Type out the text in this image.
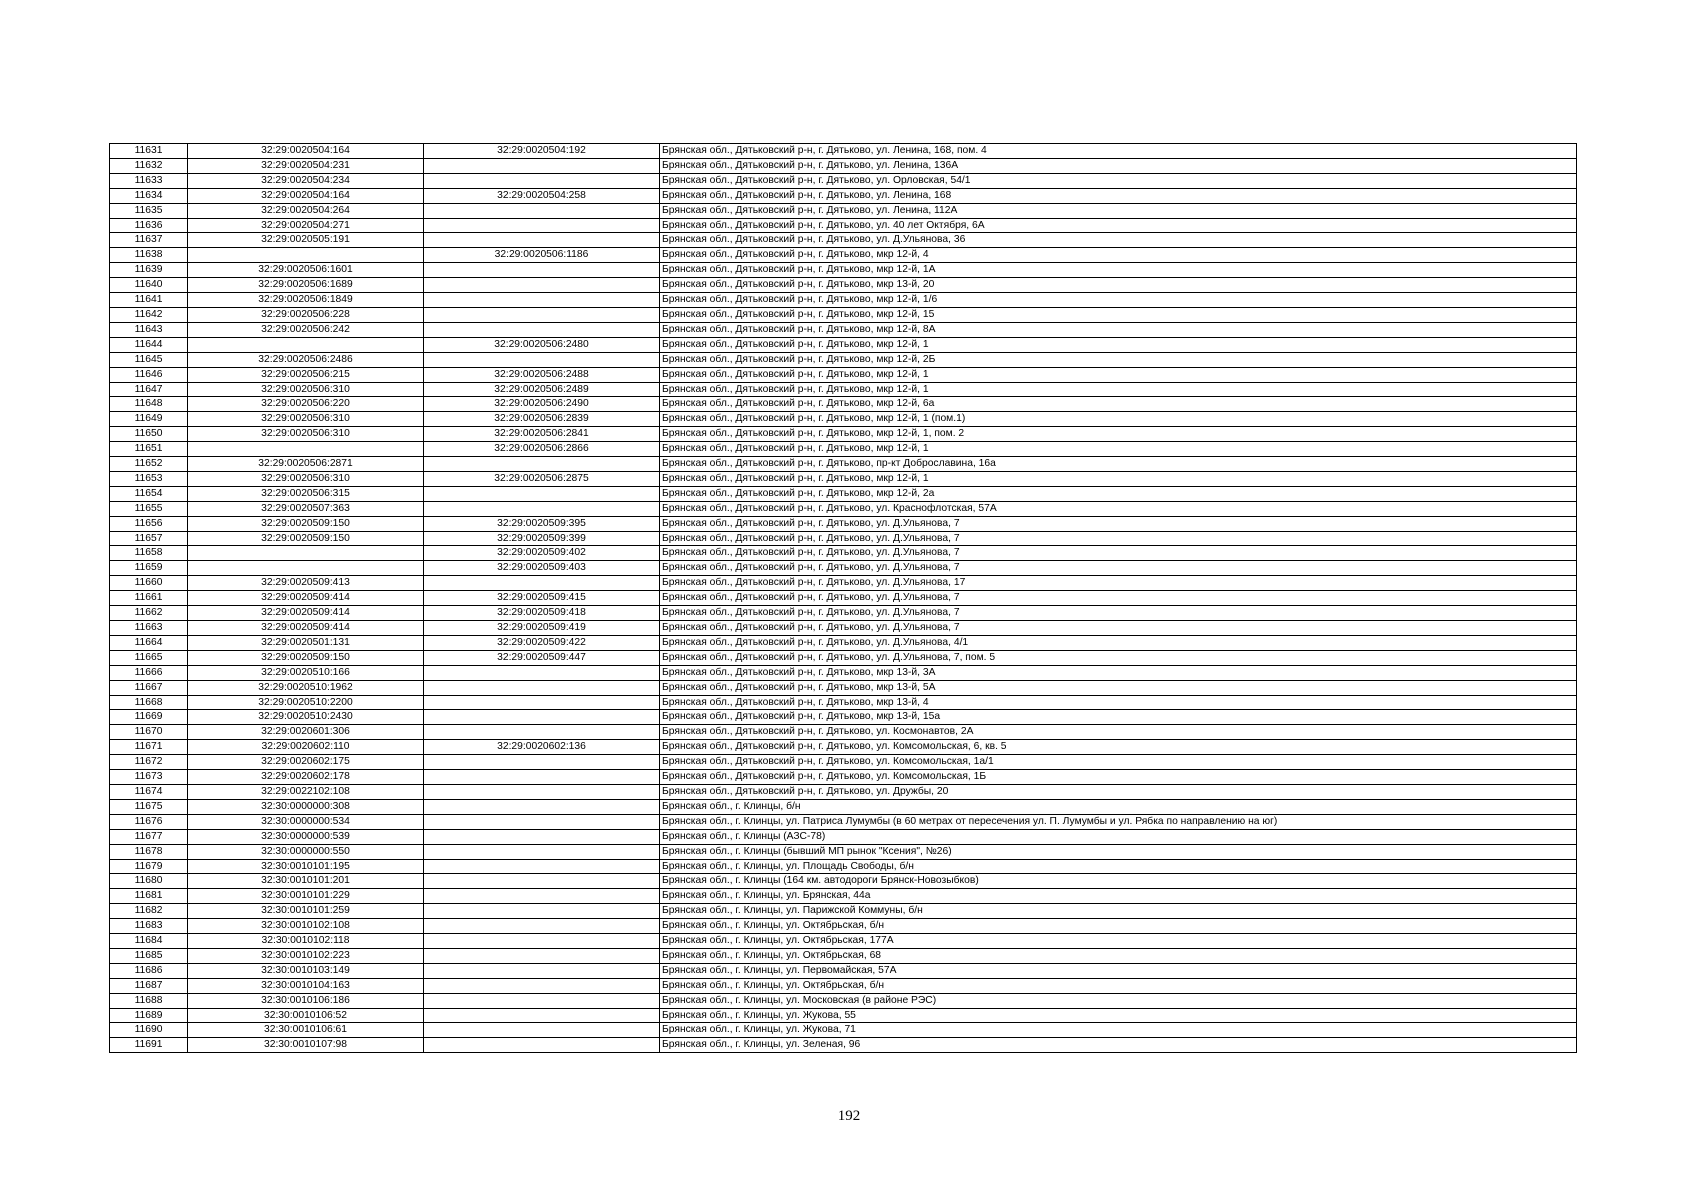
11631	32:29:0020504:164	32:29:0020504:192	Брянская обл., Дятьковский р-н, г. Дятьково, ул. Ленина, 168, пом. 4
11632	32:29:0020504:231		Брянская обл., Дятьковский р-н, г. Дятьково, ул. Ленина, 136А
11633	32:29:0020504:234		Брянская обл., Дятьковский р-н, г. Дятьково, ул. Орловская, 54/1
11634	32:29:0020504:164	32:29:0020504:258	Брянская обл., Дятьковский р-н, г. Дятьково, ул. Ленина, 168
11635	32:29:0020504:264		Брянская обл., Дятьковский р-н, г. Дятьково, ул. Ленина, 112А
11636	32:29:0020504:271		Брянская обл., Дятьковский р-н, г. Дятьково, ул. 40 лет Октября, 6А
11637	32:29:0020505:191		Брянская обл., Дятьковский р-н, г. Дятьково, ул. Д.Ульянова, 36
11638		32:29:0020506:1186	Брянская обл., Дятьковский р-н, г. Дятьково, мкр 12-й, 4
11639	32:29:0020506:1601		Брянская обл., Дятьковский р-н, г. Дятьково, мкр 12-й, 1А
11640	32:29:0020506:1689		Брянская обл., Дятьковский р-н, г. Дятьково, мкр 13-й, 20
11641	32:29:0020506:1849		Брянская обл., Дятьковский р-н, г. Дятьково, мкр 12-й, 1/6
11642	32:29:0020506:228		Брянская обл., Дятьковский р-н, г. Дятьково, мкр 12-й, 15
11643	32:29:0020506:242		Брянская обл., Дятьковский р-н, г. Дятьково, мкр 12-й, 8А
11644		32:29:0020506:2480	Брянская обл., Дятьковский р-н, г. Дятьково, мкр 12-й, 1
11645	32:29:0020506:2486		Брянская обл., Дятьковский р-н, г. Дятьково, мкр 12-й, 2Б
11646	32:29:0020506:215	32:29:0020506:2488	Брянская обл., Дятьковский р-н, г. Дятьково, мкр 12-й, 1
11647	32:29:0020506:310	32:29:0020506:2489	Брянская обл., Дятьковский р-н, г. Дятьково, мкр 12-й, 1
11648	32:29:0020506:220	32:29:0020506:2490	Брянская обл., Дятьковский р-н, г. Дятьково, мкр 12-й, 6а
11649	32:29:0020506:310	32:29:0020506:2839	Брянская обл., Дятьковский р-н, г. Дятьково, мкр 12-й, 1 (пом.1)
11650	32:29:0020506:310	32:29:0020506:2841	Брянская обл., Дятьковский р-н, г. Дятьково, мкр 12-й, 1, пом. 2
11651		32:29:0020506:2866	Брянская обл., Дятьковский р-н, г. Дятьково, мкр 12-й, 1
11652	32:29:0020506:2871		Брянская обл., Дятьковский р-н, г. Дятьково, пр-кт Доброславина, 16а
11653	32:29:0020506:310	32:29:0020506:2875	Брянская обл., Дятьковский р-н, г. Дятьково, мкр 12-й, 1
11654	32:29:0020506:315		Брянская обл., Дятьковский р-н, г. Дятьково, мкр 12-й, 2а
11655	32:29:0020507:363		Брянская обл., Дятьковский р-н, г. Дятьково, ул. Краснофлотская, 57А
11656	32:29:0020509:150	32:29:0020509:395	Брянская обл., Дятьковский р-н, г. Дятьково, ул. Д.Ульянова, 7
11657	32:29:0020509:150	32:29:0020509:399	Брянская обл., Дятьковский р-н, г. Дятьково, ул. Д.Ульянова, 7
11658		32:29:0020509:402	Брянская обл., Дятьковский р-н, г. Дятьково, ул. Д.Ульянова, 7
11659		32:29:0020509:403	Брянская обл., Дятьковский р-н, г. Дятьково, ул. Д.Ульянова, 7
11660	32:29:0020509:413		Брянская обл., Дятьковский р-н, г. Дятьково, ул. Д.Ульянова, 17
11661	32:29:0020509:414	32:29:0020509:415	Брянская обл., Дятьковский р-н, г. Дятьково, ул. Д.Ульянова, 7
11662	32:29:0020509:414	32:29:0020509:418	Брянская обл., Дятьковский р-н, г. Дятьково, ул. Д.Ульянова, 7
11663	32:29:0020509:414	32:29:0020509:419	Брянская обл., Дятьковский р-н, г. Дятьково, ул. Д.Ульянова, 7
11664	32:29:0020501:131	32:29:0020509:422	Брянская обл., Дятьковский р-н, г. Дятьково, ул. Д.Ульянова, 4/1
11665	32:29:0020509:150	32:29:0020509:447	Брянская обл., Дятьковский р-н, г. Дятьково, ул. Д.Ульянова, 7, пом. 5
11666	32:29:0020510:166		Брянская обл., Дятьковский р-н, г. Дятьково, мкр 13-й, 3А
11667	32:29:0020510:1962		Брянская обл., Дятьковский р-н, г. Дятьково, мкр 13-й, 5А
11668	32:29:0020510:2200		Брянская обл., Дятьковский р-н, г. Дятьково, мкр 13-й, 4
11669	32:29:0020510:2430		Брянская обл., Дятьковский р-н, г. Дятьково, мкр 13-й, 15а
11670	32:29:0020601:306		Брянская обл., Дятьковский р-н, г. Дятьково, ул. Космонавтов, 2А
11671	32:29:0020602:110	32:29:0020602:136	Брянская обл., Дятьковский р-н, г. Дятьково, ул. Комсомольская, 6, кв. 5
11672	32:29:0020602:175		Брянская обл., Дятьковский р-н, г. Дятьково, ул. Комсомольская, 1а/1
11673	32:29:0020602:178		Брянская обл., Дятьковский р-н, г. Дятьково, ул. Комсомольская, 1Б
11674	32:29:0022102:108		Брянская обл., Дятьковский р-н, г. Дятьково, ул. Дружбы, 20
11675	32:30:0000000:308		Брянская обл., г. Клинцы, б/н
11676	32:30:0000000:534		Брянская обл., г. Клинцы, ул. Патриса Лумумбы (в 60 метрах от пересечения ул. П. Лумумбы и ул. Рябка по направлению на юг)
11677	32:30:0000000:539		Брянская обл., г. Клинцы (АЗС-78)
11678	32:30:0000000:550		Брянская обл., г. Клинцы (бывший МП рынок "Ксения", №26)
11679	32:30:0010101:195		Брянская обл., г. Клинцы, ул. Площадь Свободы, б/н
11680	32:30:0010101:201		Брянская обл., г. Клинцы (164 км. автодороги Брянск-Новозыбков)
11681	32:30:0010101:229		Брянская обл., г. Клинцы, ул. Брянская, 44а
11682	32:30:0010101:259		Брянская обл., г. Клинцы, ул. Парижской Коммуны, б/н
11683	32:30:0010102:108		Брянская обл., г. Клинцы, ул. Октябрьская, б/н
11684	32:30:0010102:118		Брянская обл., г. Клинцы, ул. Октябрьская, 177А
11685	32:30:0010102:223		Брянская обл., г. Клинцы, ул. Октябрьская, 68
11686	32:30:0010103:149		Брянская обл., г. Клинцы, ул. Первомайская, 57А
11687	32:30:0010104:163		Брянская обл., г. Клинцы, ул. Октябрьская, б/н
11688	32:30:0010106:186		Брянская обл., г. Клинцы, ул. Московская (в районе РЭС)
11689	32:30:0010106:52		Брянская обл., г. Клинцы, ул. Жукова, 55
11690	32:30:0010106:61		Брянская обл., г. Клинцы, ул. Жукова, 71
11691	32:30:0010107:98		Брянская обл., г. Клинцы, ул. Зеленая, 96
192
